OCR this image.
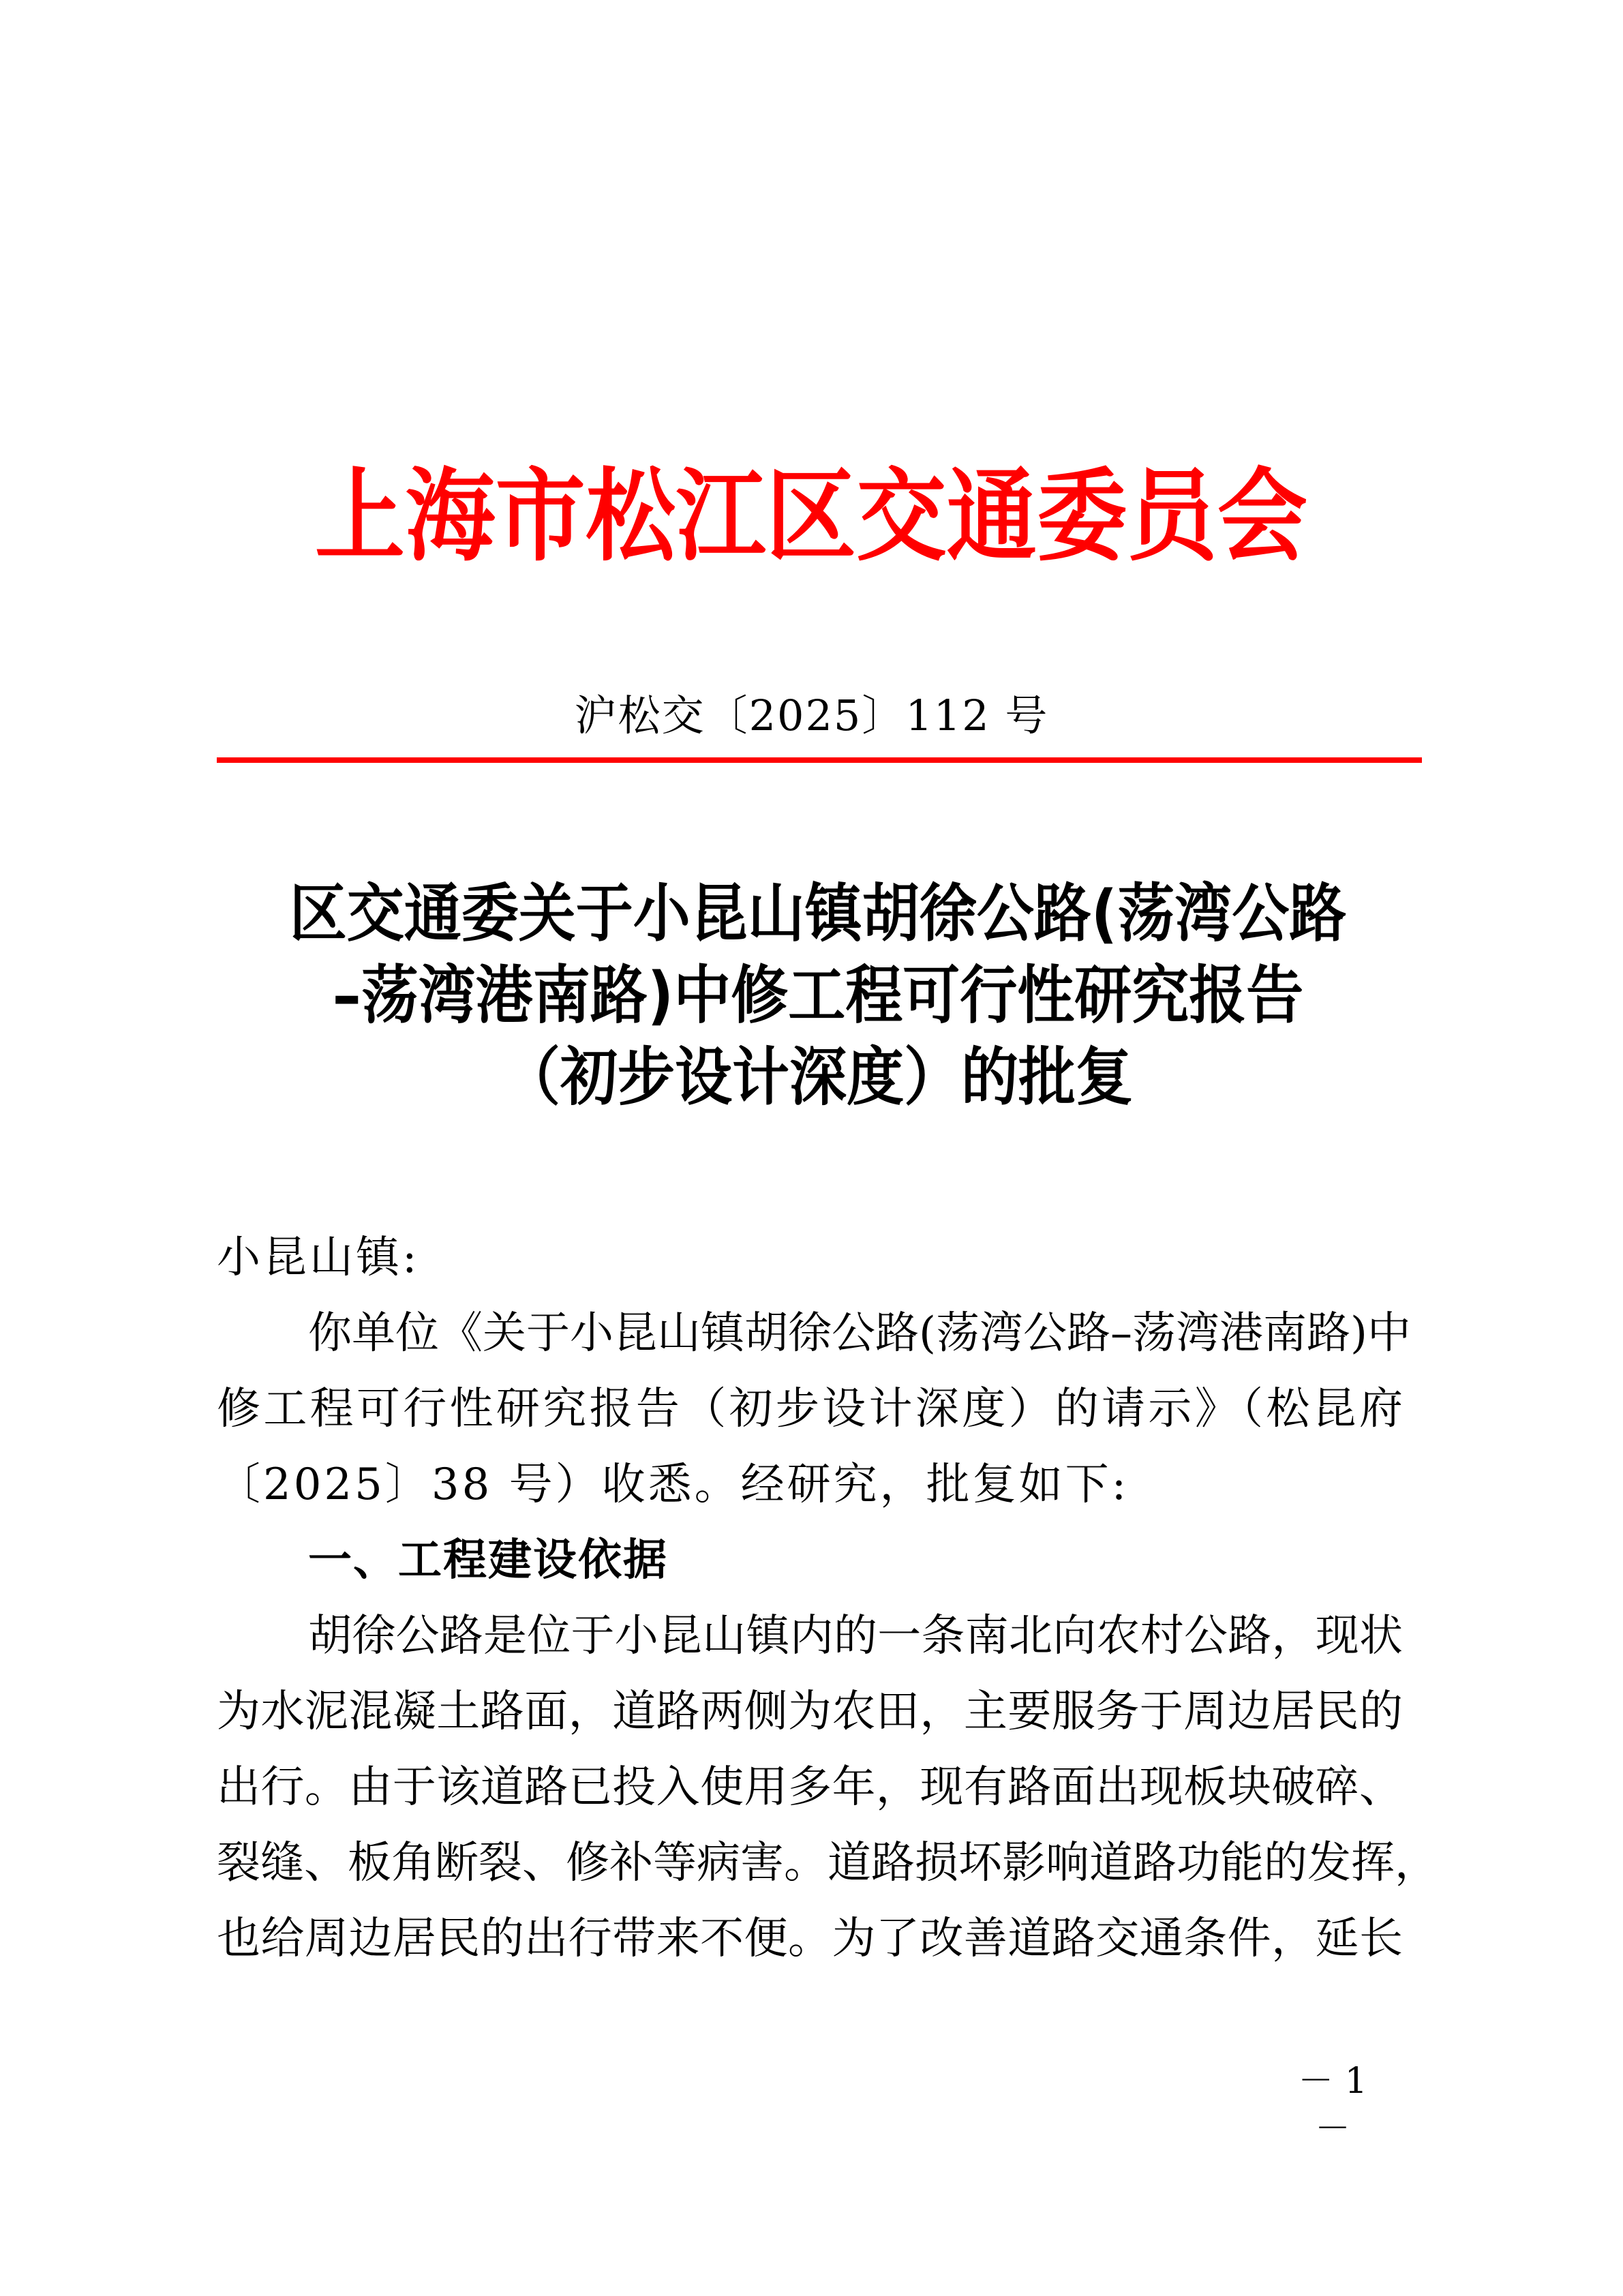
上 海 市 松 江 区 交 通 委 员 会
沪松交〔2025〕112 号
区交通委关于小昆山镇胡徐公路(荡湾公路
–荡湾港南路)中修工程可行性研究报告
（初步设计深度）的批复
小昆山镇:
你单位《关于小昆山镇胡徐公路(荡湾公路–荡湾港南路)中
修工程可行性研究报告（初步设计深度）的请示》（松昆府
〔2025〕38 号）收悉。经研究，批复如下:
一、工程建设依据
胡徐公路是位于小昆山镇内的一条南北向农村公路，现状
为水泥混凝土路面，道路两侧为农田，主要服务于周边居民的
出行。由于该道路已投入使用多年，现有路面出现板块破碎、
裂缝、板角断裂、修补等病害。道路损坏影响道路功能的发挥，
也给周边居民的出行带来不便。为了改善道路交通条件，延长
－ 1 －
